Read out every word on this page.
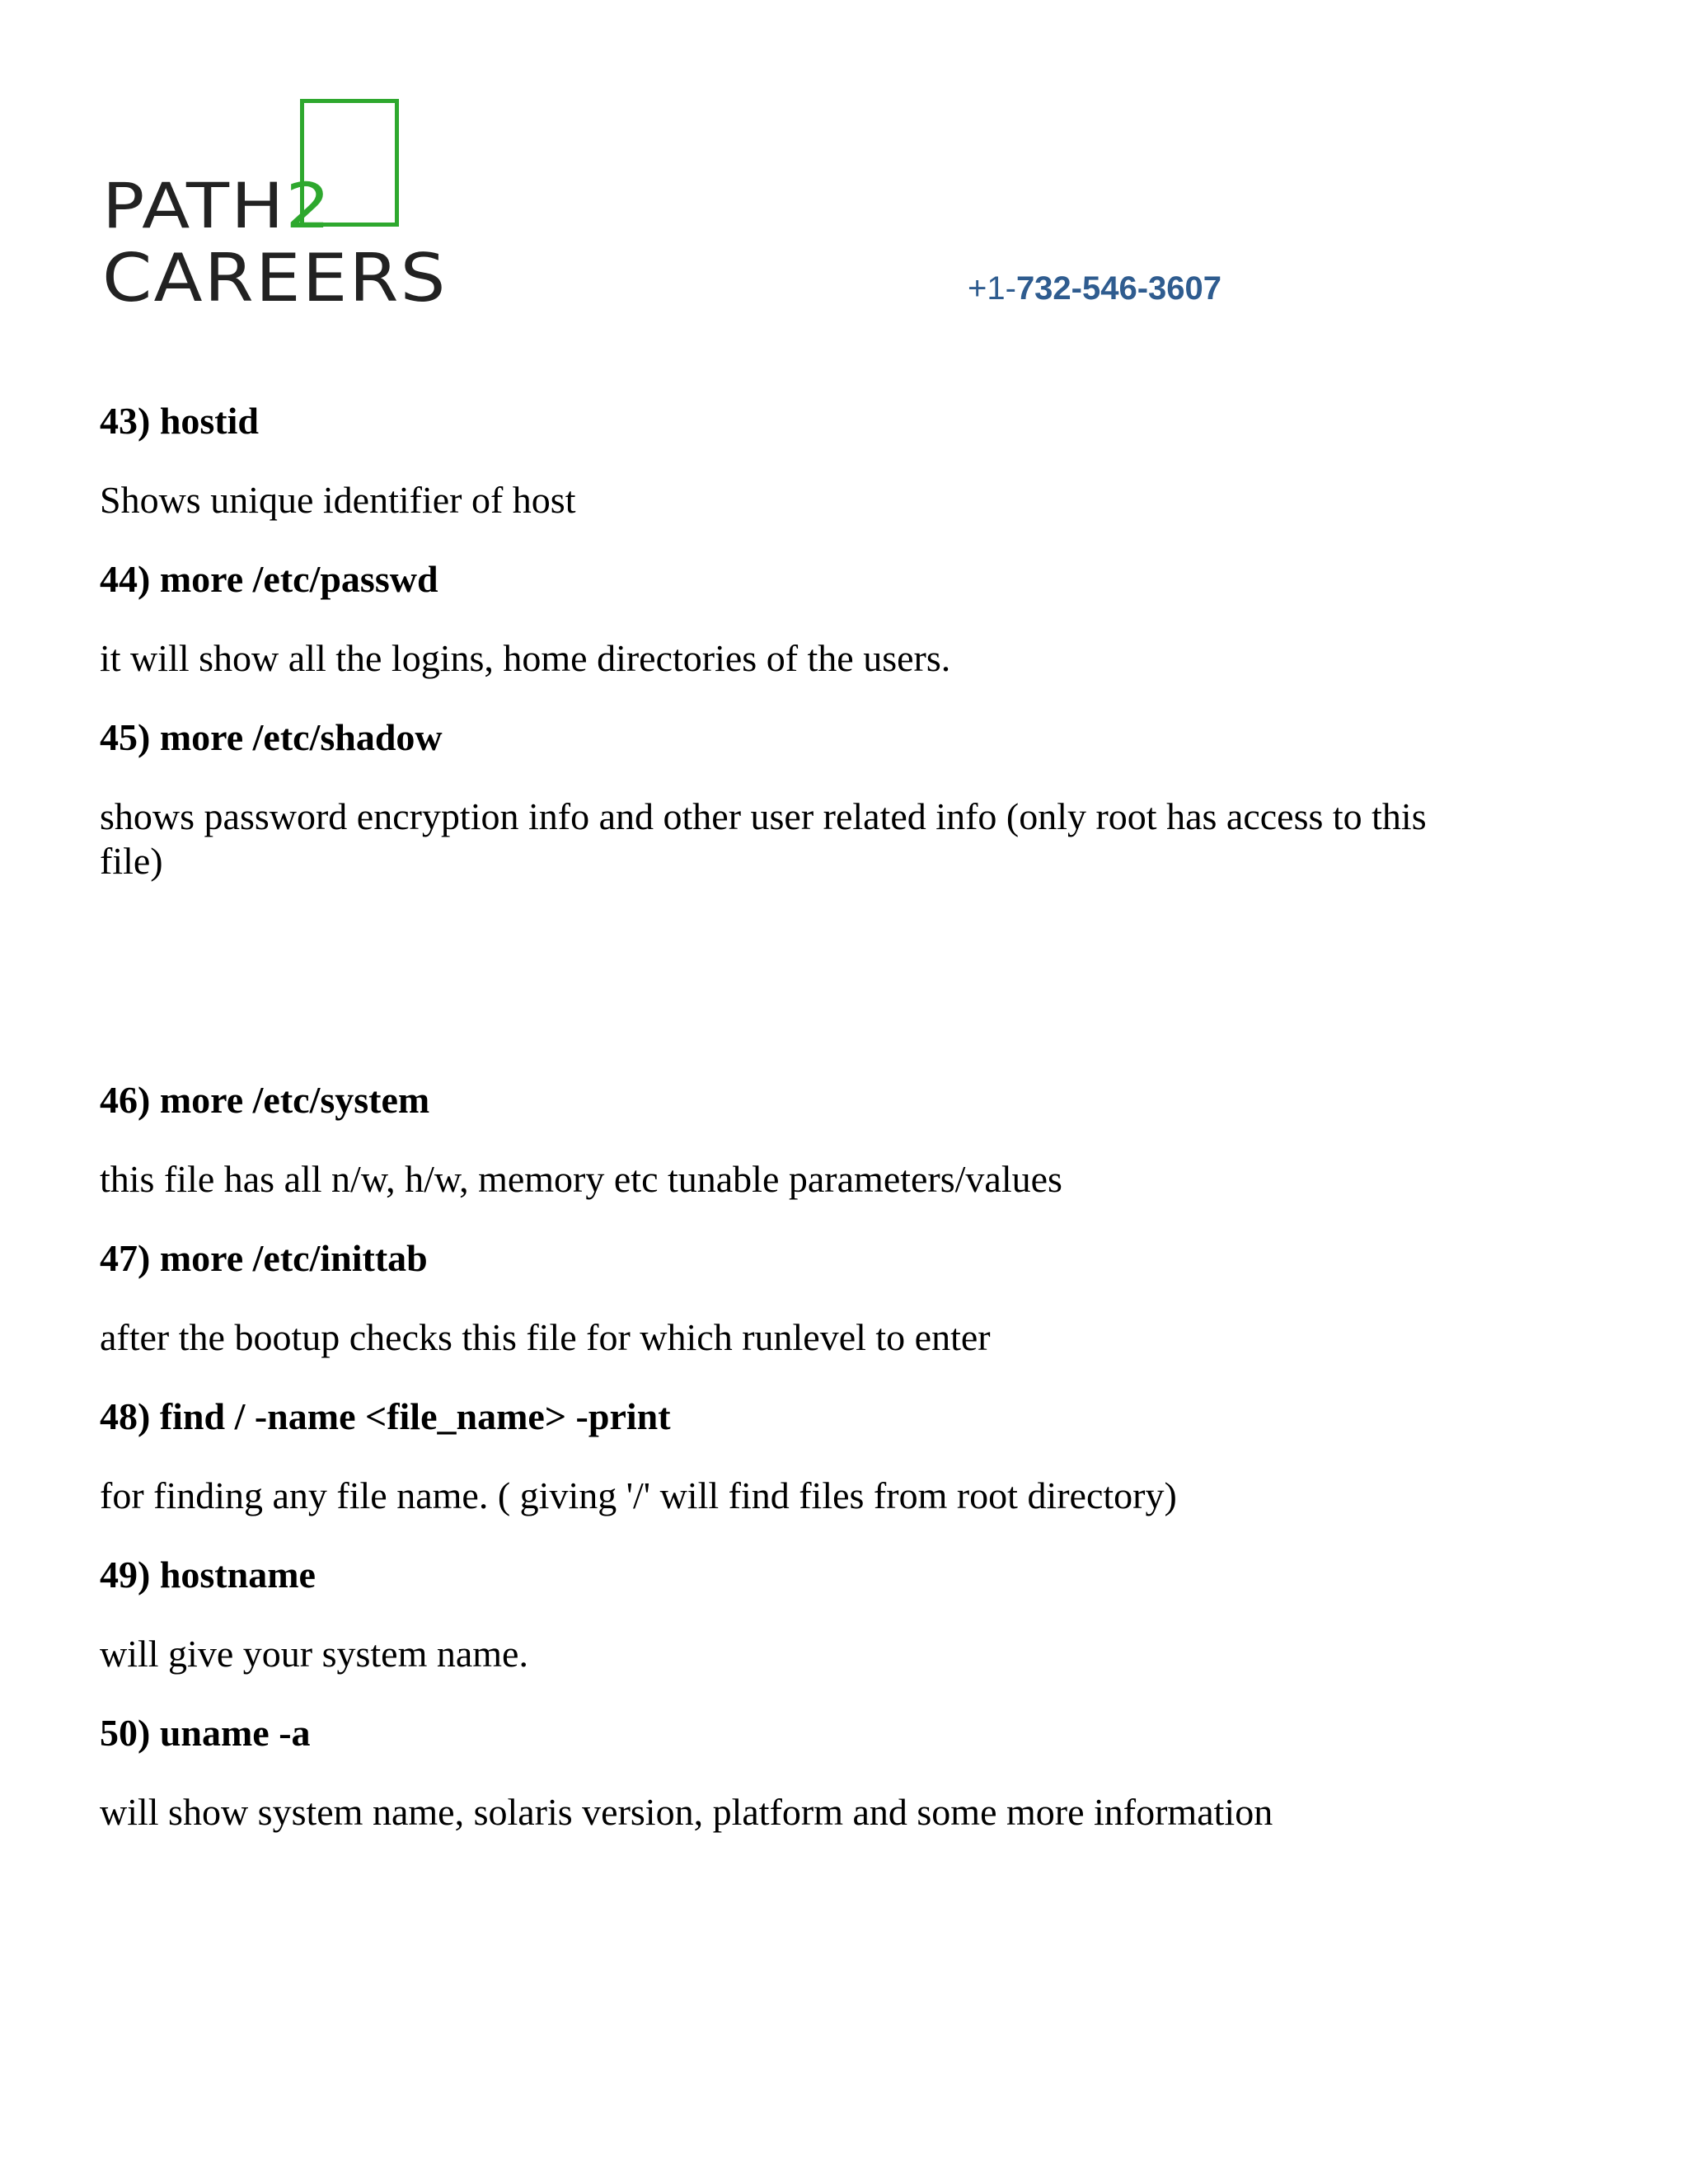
PATH2
CAREERS	+1-732-546-3607

43) hostid

Shows unique identifier of host

44) more /etc/passwd

it will show all the logins, home directories of the users.

45) more /etc/shadow

shows password encryption info and other user related info (only root has access to this file)

46) more /etc/system

this file has all n/w, h/w, memory etc tunable parameters/values

47) more /etc/inittab

after the bootup checks this file for which runlevel to enter

48) find / -name <file_name> -print

for finding any file name. ( giving '/' will find files from root directory)

49) hostname

will give your system name.

50) uname -a

will show system name, solaris version, platform and some more information
